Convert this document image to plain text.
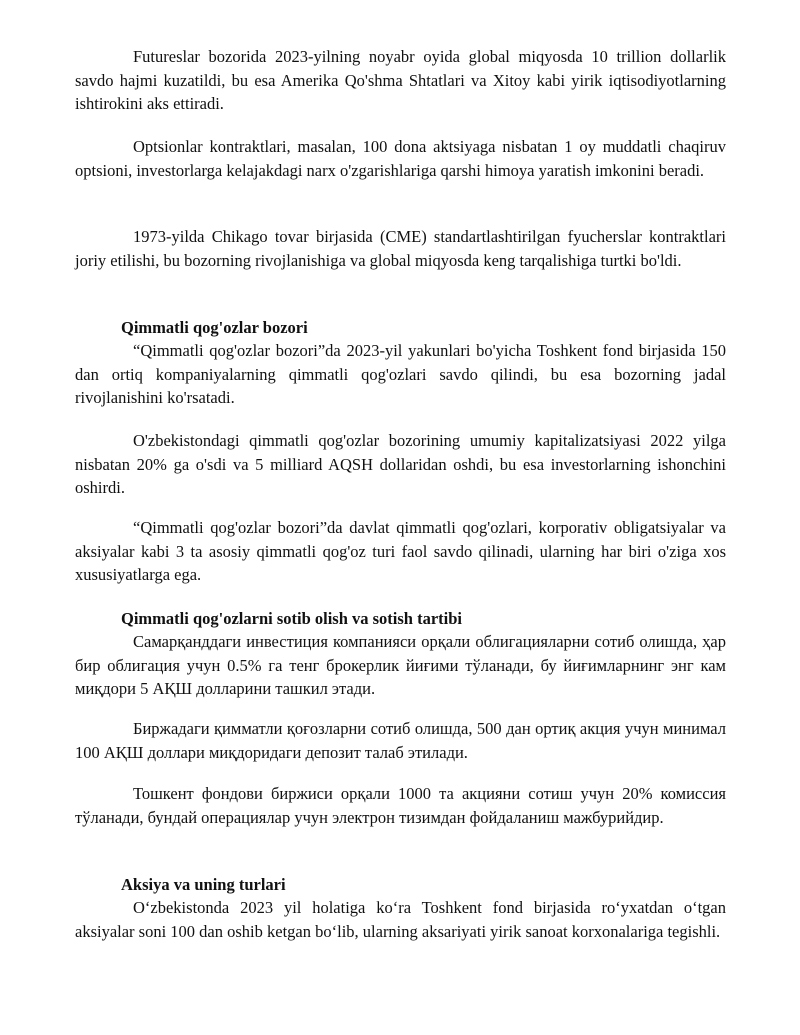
Futureslar bozorida 2023-yilning noyabr oyida global miqyosda 10 trillion dollarlik savdo hajmi kuzatildi, bu esa Amerika Qo'shma Shtatlari va Xitoy kabi yirik iqtisodiyotlarning ishtirokini aks ettiradi.

Optsionlar kontraktlari, masalan, 100 dona aktsiyaga nisbatan 1 oy muddatli chaqiruv optsioni, investorlarga kelajakdagi narx o'zgarishlariga qarshi himoya yaratish imkonini beradi.

1973-yilda Chikago tovar birjasida (CME) standartlashtirilgan fyucherslar kontraktlari joriy etilishi, bu bozorning rivojlanishiga va global miqyosda keng tarqalishiga turtki bo'ldi.

Qimmatli qog'ozlar bozori

“Qimmatli qog'ozlar bozori”da 2023-yil yakunlari bo'yicha Toshkent fond birjasida 150 dan ortiq kompaniyalarning qimmatli qog'ozlari savdo qilindi, bu esa bozorning jadal rivojlanishini ko'rsatadi.

O'zbekistondagi qimmatli qog'ozlar bozorining umumiy kapitalizatsiyasi 2022 yilga nisbatan 20% ga o'sdi va 5 milliard AQSH dollaridan oshdi, bu esa investorlarning ishonchini oshirdi.

“Qimmatli qog'ozlar bozori”da davlat qimmatli qog'ozlari, korporativ obligatsiyalar va aksiyalar kabi 3 ta asosiy qimmatli qog'oz turi faol savdo qilinadi, ularning har biri o'ziga xos xususiyatlarga ega.

Qimmatli qog'ozlarni sotib olish va sotish tartibi

Самарқанддаги инвестиция компанияси орқали облигацияларни сотиб олишда, ҳар бир облигация учун 0.5% га тенг брокерлик йиғими тўланади, бу йиғимларнинг энг кам миқдори 5 АҚШ долларини ташкил этади.

Биржадаги қимматли қоғозларни сотиб олишда, 500 дан ортиқ акция учун минимал 100 АҚШ доллари миқдоридаги депозит талаб этилади.

Тошкент фондови биржиси орқали 1000 та акцияни сотиш учун 20% комиссия тўланади, бундай операциялар учун электрон тизимдан фойдаланиш мажбурийдир.

Aksiya va uning turlari

O‘zbekistonda 2023 yil holatiga ko‘ra Toshkent fond birjasida ro‘yxatdan o‘tgan aksiyalar soni 100 dan oshib ketgan bo‘lib, ularning aksariyati yirik sanoat korxonalariga tegishli.
